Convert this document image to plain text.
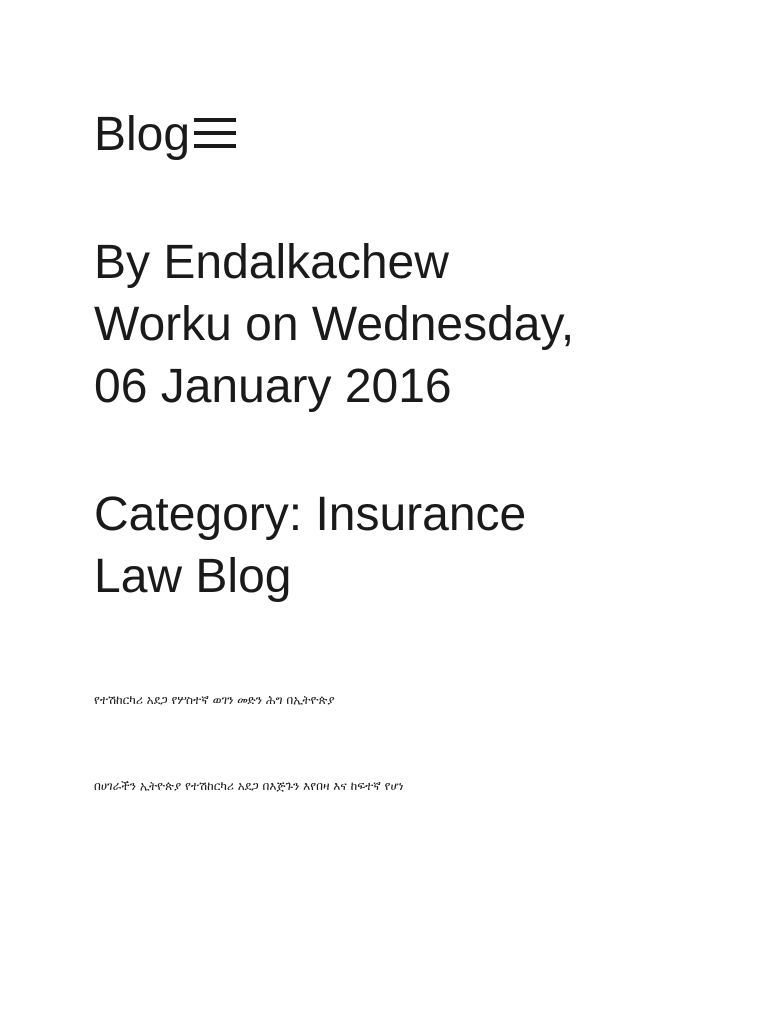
Blog
By Endalkachew
Worku on Wednesday,
06 January 2016
Category: Insurance
Law Blog
የተሽከርካሪ አደጋ የሦስተኛ ወገን መድን ሕግ በኢትዮጵያ
በሀገራችን ኢትዮጵያ የተሽከርካሪ አደጋ በእጅጉን እየበዛ እና ከፍተኛ የሆነ
